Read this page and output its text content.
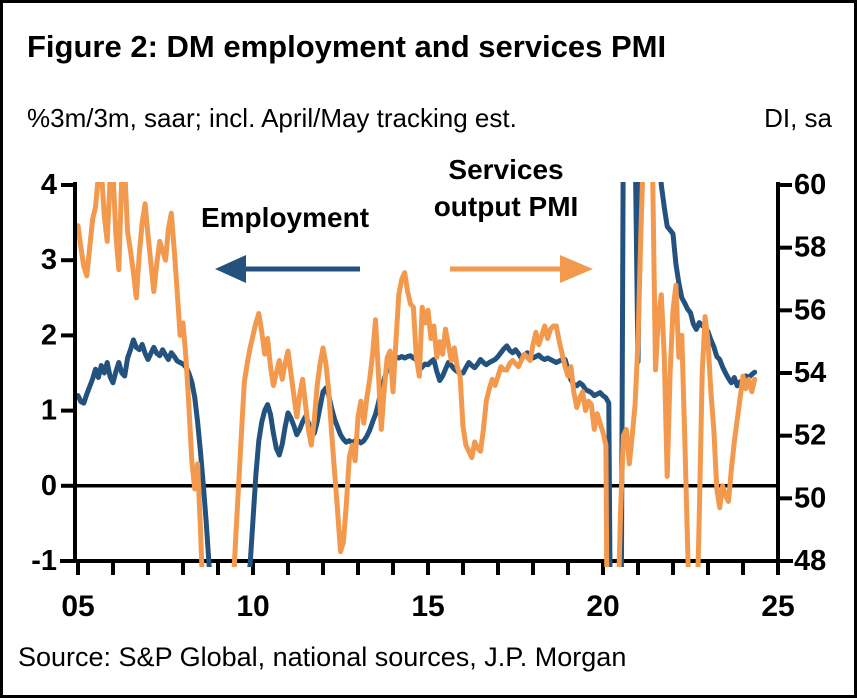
Figure 2: DM employment and services PMI
%3m/3m, saar; incl. April/May tracking est.	DI, sa
4
3
2
1
0
-1
60
58
56
54
52
50
48
05	10	15	20	25
Employment
Services
output PMI
Source: S&P Global, national sources, J.P. Morgan
